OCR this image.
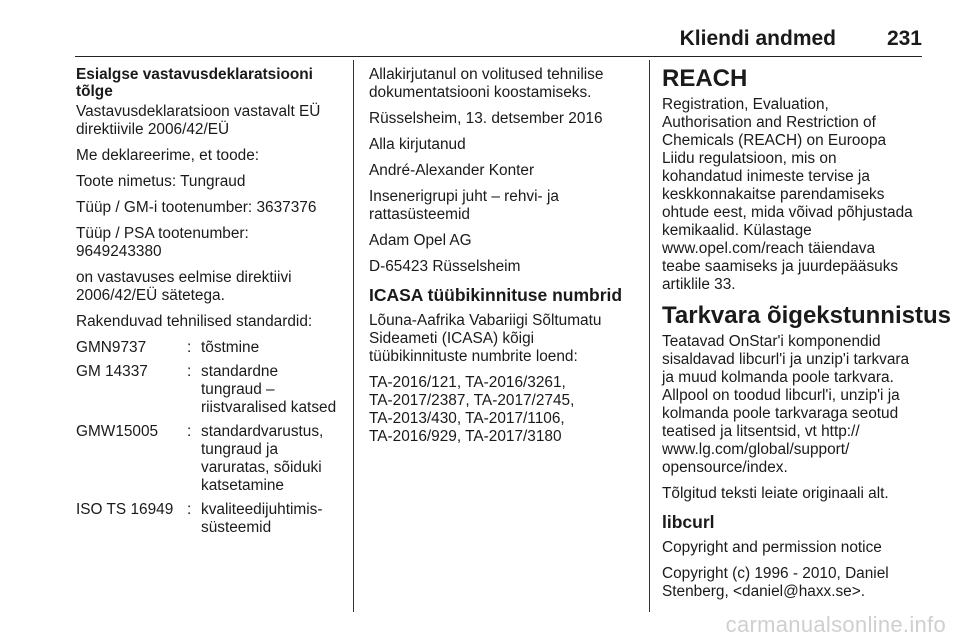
Kliendi andmed 231
Esialgse vastavusdeklaratsiooni
tõlge

Vastavusdeklaratsioon vastavalt EÜ
direktiivile 2006/42/EÜ

Me deklareerime, et toode:

Toote nimetus: Tungraud

Tüüp / GM-i tootenumber: 3637376

Tüüp / PSA tootenumber:
9649243380

on vastavuses eelmise direktiivi
2006/42/EÜ sätetega.

Rakenduvad tehnilised standardid:

GMN9737	:	tõstmine
GM 14337	:	standardne
tungraud –
riistvaralised katsed
GMW15005	:	standardvarustus,
tungraud ja
varuratas, sõiduki
katsetamine
ISO TS 16949	:	kvaliteedijuhtimis-
süsteemid

Allakirjutanul on volitused tehnilise
dokumentatsiooni koostamiseks.

Rüsselsheim, 13. detsember 2016

Alla kirjutanud

André-Alexander Konter

Insenerigrupi juht – rehvi- ja
rattasüsteemid

Adam Opel AG

D-65423 Rüsselsheim

ICASA tüübikinnituse numbrid

Lõuna-Aafrika Vabariigi Sõltumatu
Sideameti (ICASA) kõigi
tüübikinnituste numbrite loend:

TA-2016/121, TA-2016/3261,
TA-2017/2387, TA-2017/2745,
TA-2013/430, TA-2017/1106,
TA-2016/929, TA-2017/3180

REACH

Registration, Evaluation,
Authorisation and Restriction of
Chemicals (REACH) on Euroopa
Liidu regulatsioon, mis on
kohandatud inimeste tervise ja
keskkonnakaitse parendamiseks
ohtude eest, mida võivad põhjustada
kemikaalid. Külastage
www.opel.com/reach täiendava
teabe saamiseks ja juurdepääsuks
artiklile 33.

Tarkvara õigekstunnistus

Teatavad OnStar'i komponendid
sisaldavad libcurl'i ja unzip'i tarkvara
ja muud kolmanda poole tarkvara.
Allpool on toodud libcurl'i, unzip'i ja
kolmanda poole tarkvaraga seotud
teatised ja litsentsid, vt http://
www.lg.com/global/support/
opensource/index.

Tõlgitud teksti leiate originaali alt.

libcurl

Copyright and permission notice

Copyright (c) 1996 - 2010, Daniel
Stenberg, <daniel@haxx.se>.

carmanualsonline.info
